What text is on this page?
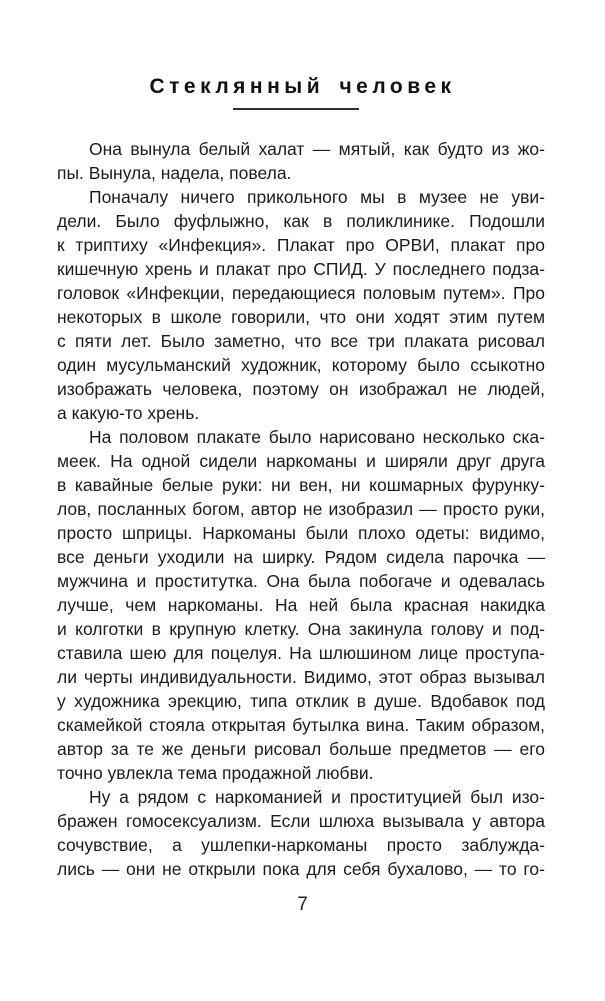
Стеклянный человек
Она вынула белый халат — мятый, как будто из жо-
пы. Вынула, надела, повела.
Поначалу ничего прикольного мы в музее не уви-
дели. Было фуфлыжно, как в поликлинике. Подошли
к триптиху «Инфекция». Плакат про ОРВИ, плакат про
кишечную хрень и плакат про СПИД. У последнего подза-
головок «Инфекции, передающиеся половым путем». Про
некоторых в школе говорили, что они ходят этим путем
с пяти лет. Было заметно, что все три плаката рисовал
один мусульманский художник, которому было ссыкотно
изображать человека, поэтому он изображал не людей,
а какую-то хрень.
На половом плакате было нарисовано несколько ска-
меек. На одной сидели наркоманы и ширяли друг друга
в кавайные белые руки: ни вен, ни кошмарных фурунку-
лов, посланных богом, автор не изобразил — просто руки,
просто шприцы. Наркоманы были плохо одеты: видимо,
все деньги уходили на ширку. Рядом сидела парочка —
мужчина и проститутка. Она была побогаче и одевалась
лучше, чем наркоманы. На ней была красная накидка
и колготки в крупную клетку. Она закинула голову и под-
ставила шею для поцелуя. На шлюшином лице проступа-
ли черты индивидуальности. Видимо, этот образ вызывал
у художника эрекцию, типа отклик в душе. Вдобавок под
скамейкой стояла открытая бутылка вина. Таким образом,
автор за те же деньги рисовал больше предметов — его
точно увлекла тема продажной любви.
Ну а рядом с наркоманией и проституцией был изо-
бражен гомосексуализм. Если шлюха вызывала у автора
сочувствие, а ушлепки-наркоманы просто заблужда-
лись — они не открыли пока для себя бухалово, — то го-
7
